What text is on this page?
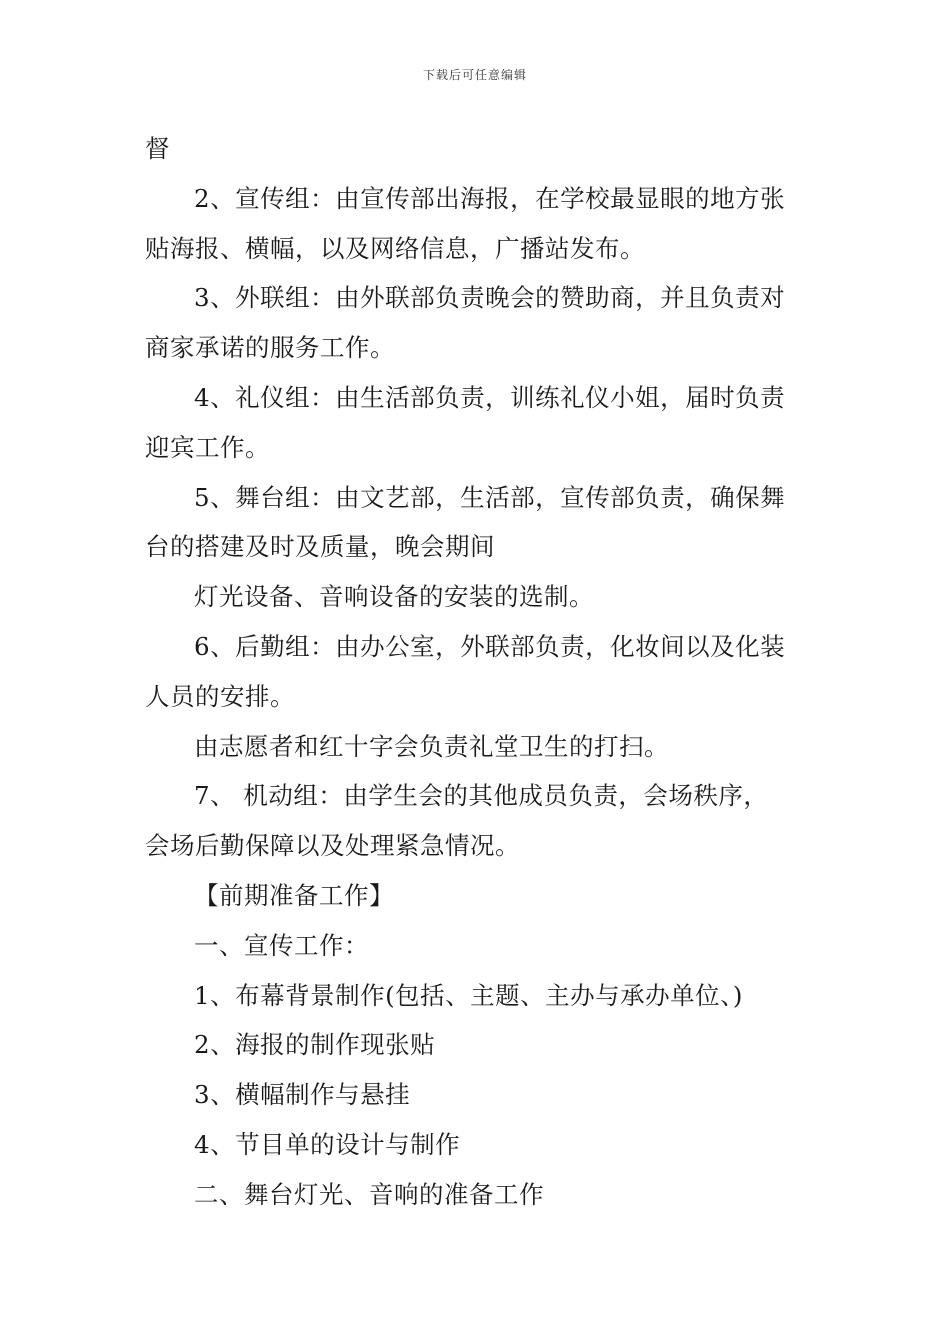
下载后可任意编辑
督
2、宣传组：由宣传部出海报，在学校最显眼的地方张
贴海报、横幅，以及网络信息，广播站发布。
3、外联组：由外联部负责晚会的赞助商，并且负责对
商家承诺的服务工作。
4、礼仪组：由生活部负责，训练礼仪小姐，届时负责
迎宾工作。
5、舞台组：由文艺部，生活部，宣传部负责，确保舞
台的搭建及时及质量，晚会期间
灯光设备、音响设备的安装的选制。
6、后勤组：由办公室，外联部负责，化妆间以及化装
人员的安排。
由志愿者和红十字会负责礼堂卫生的打扫。
7、 机动组：由学生会的其他成员负责，会场秩序，
会场后勤保障以及处理紧急情况。
【前期准备工作】
一、宣传工作：
1、布幕背景制作(包括、主题、主办与承办单位、)
2、海报的制作现张贴
3、横幅制作与悬挂
4、节目单的设计与制作
二、舞台灯光、音响的准备工作
